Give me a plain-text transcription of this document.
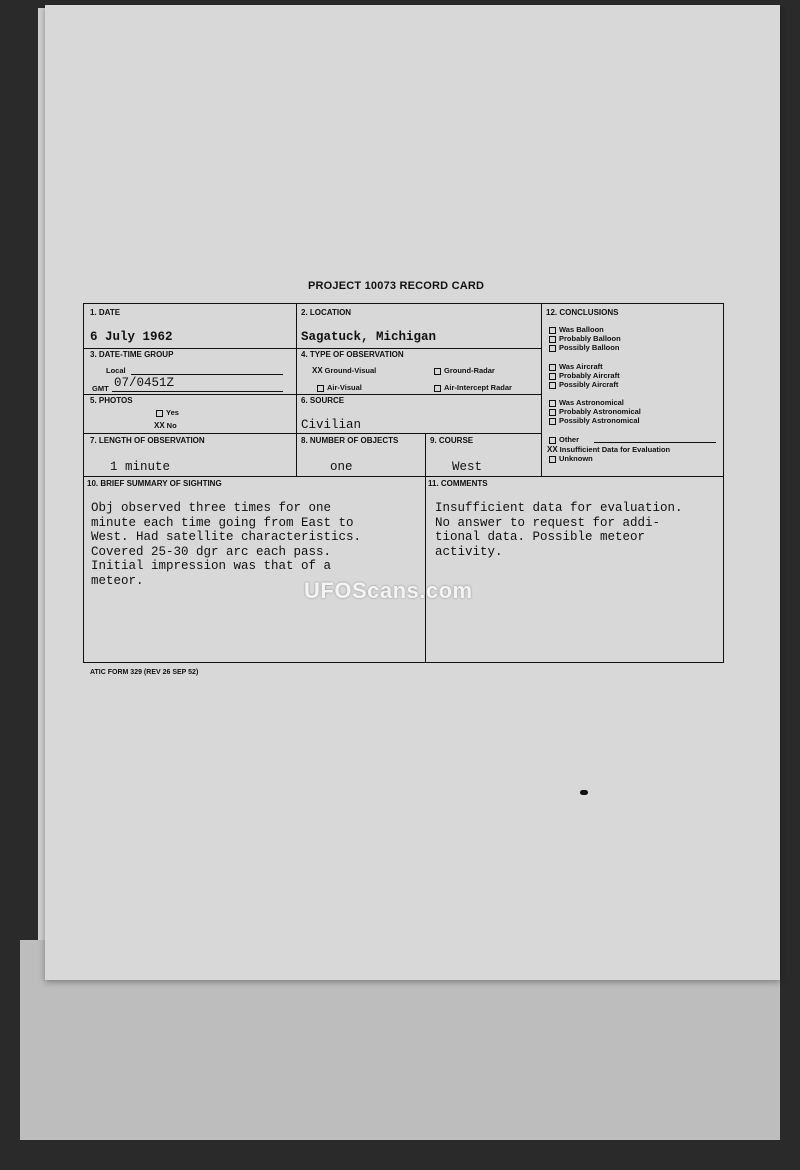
PROJECT 10073 RECORD CARD
1. DATE
6 July 1962
2. LOCATION
Sagatuck, Michigan
3. DATE-TIME GROUP
Local
GMT 07/0451Z
4. TYPE OF OBSERVATION
XX Ground-Visual	Ground-Radar
Air-Visual	Air-Intercept Radar
5. PHOTOS
Yes
XX No
6. SOURCE
Civilian
7. LENGTH OF OBSERVATION
1 minute
8. NUMBER OF OBJECTS
one
9. COURSE
West
10. BRIEF SUMMARY OF SIGHTING
Obj observed three times for one
minute each time going from East to
West. Had satellite characteristics.
Covered 25-30 dgr arc each pass.
Initial impression was that of a
meteor.
11. COMMENTS
Insufficient data for evaluation.
No answer to request for addi-
tional data. Possible meteor
activity.
12. CONCLUSIONS
Was Balloon
Probably Balloon
Possibly Balloon
Was Aircraft
Probably Aircraft
Possibly Aircraft
Was Astronomical
Probably Astronomical
Possibly Astronomical
Other
XX Insufficient Data for Evaluation
Unknown
ATIC FORM 329 (REV 26 SEP 52)
UFOScans.com
